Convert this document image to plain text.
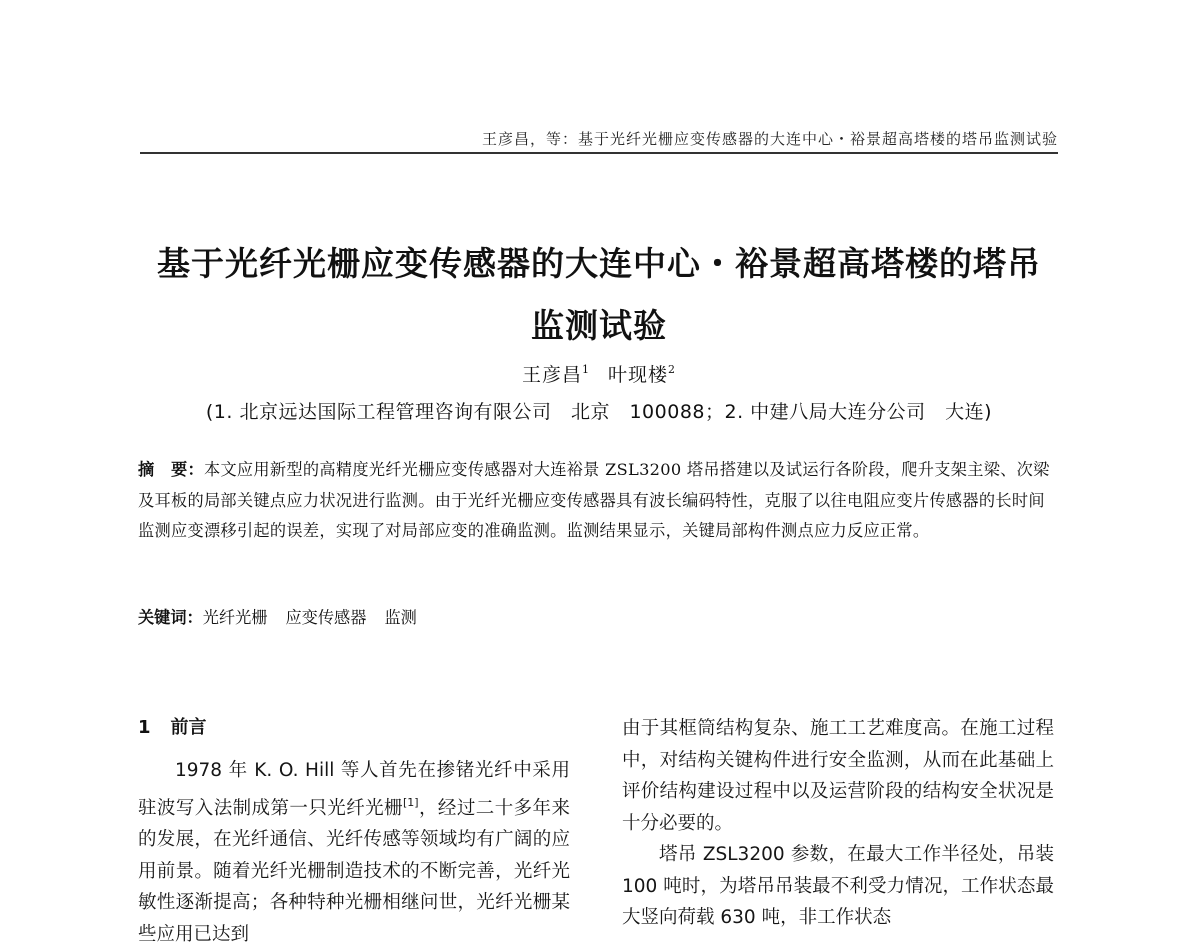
王彦昌，等：基于光纤光栅应变传感器的大连中心・裕景超高塔楼的塔吊监测试验
基于光纤光栅应变传感器的大连中心・裕景超高塔楼的塔吊
监测试验
王彦昌$^1$ 叶现楼$^2$
(1. 北京远达国际工程管理咨询有限公司　北京　100088；2. 中建八局大连分公司　大连)
摘　要：本文应用新型的高精度光纤光栅应变传感器对大连裕景 ZSL3200 塔吊搭建以及试运行各阶段，爬升支架主梁、次梁及耳板的局部关键点应力状况进行监测。由于光纤光栅应变传感器具有波长编码特性，克服了以往电阻应变片传感器的长时间监测应变漂移引起的误差，实现了对局部应变的准确监测。监测结果显示，关键局部构件测点应力反应正常。
关键词：光纤光栅 应变传感器 监测
1 前言

1978 年 K. O. Hill 等人首先在掺锗光纤中采用驻波写入法制成第一只光纤光栅[1]，经过二十多年来的发展，在光纤通信、光纤传感等领域均有广阔的应用前景。随着光纤光栅制造技术的不断完善，光纤光敏性逐渐提高；各种特种光栅相继问世，光纤光栅某些应用已达到

由于其框筒结构复杂、施工工艺难度高。在施工过程中，对结构关键构件进行安全监测，从而在此基础上评价结构建设过程中以及运营阶段的结构安全状况是十分必要的。

塔吊 ZSL3200 参数，在最大工作半径处，吊装 100 吨时，为塔吊吊装最不利受力情况，工作状态最大竖向荷载 630 吨，非工作状态
